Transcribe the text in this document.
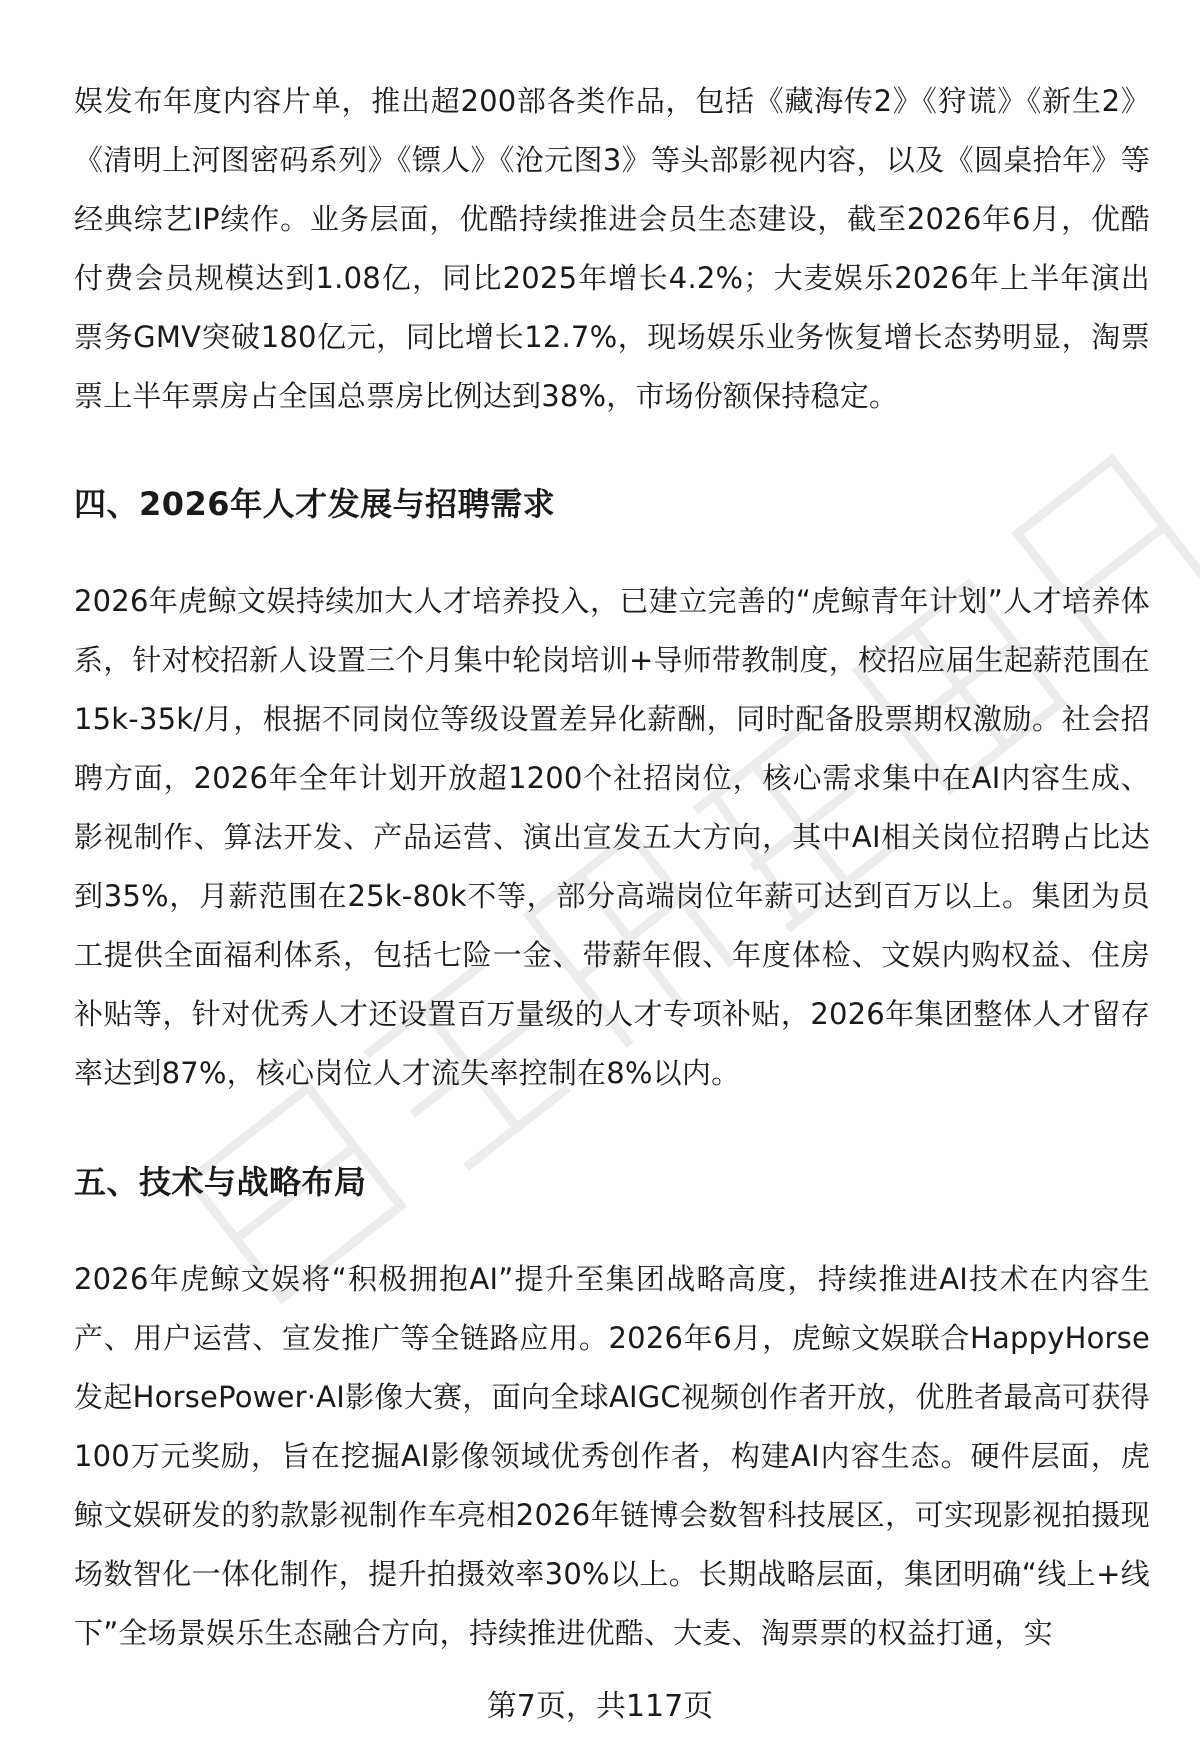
娱发布年度内容片单，推出超200部各类作品，包括《藏海传2》《狩谎》《新生2》《清明上河图密码系列》《镖人》《沧元图3》等头部影视内容，以及《圆桌拾年》等经典综艺IP续作。业务层面，优酷持续推进会员生态建设，截至2026年6月，优酷付费会员规模达到1.08亿，同比2025年增长4.2%；大麦娱乐2026年上半年演出票务GMV突破180亿元，同比增长12.7%，现场娱乐业务恢复增长态势明显，淘票票上半年票房占全国总票房比例达到38%，市场份额保持稳定。

四、2026年人才发展与招聘需求

2026年虎鲸文娱持续加大人才培养投入，已建立完善的“虎鲸青年计划”人才培养体系，针对校招新人设置三个月集中轮岗培训+导师带教制度，校招应届生起薪范围在15k-35k/月，根据不同岗位等级设置差异化薪酬，同时配备股票期权激励。社会招聘方面，2026年全年计划开放超1200个社招岗位，核心需求集中在AI内容生成、影视制作、算法开发、产品运营、演出宣发五大方向，其中AI相关岗位招聘占比达到35%，月薪范围在25k-80k不等，部分高端岗位年薪可达到百万以上。集团为员工提供全面福利体系，包括七险一金、带薪年假、年度体检、文娱内购权益、住房补贴等，针对优秀人才还设置百万量级的人才专项补贴，2026年集团整体人才留存率达到87%，核心岗位人才流失率控制在8%以内。

五、技术与战略布局

2026年虎鲸文娱将“积极拥抱AI”提升至集团战略高度，持续推进AI技术在内容生产、用户运营、宣发推广等全链路应用。2026年6月，虎鲸文娱联合HappyHorse发起HorsePower·AI影像大赛，面向全球AIGC视频创作者开放，优胜者最高可获得100万元奖励，旨在挖掘AI影像领域优秀创作者，构建AI内容生态。硬件层面，虎鲸文娱研发的豹款影视制作车亮相2026年链博会数智科技展区，可实现影视拍摄现场数智化一体化制作，提升拍摄效率30%以上。长期战略层面，集团明确“线上+线下”全场景娱乐生态融合方向，持续推进优酷、大麦、淘票票的权益打通，实

第7页，共117页
